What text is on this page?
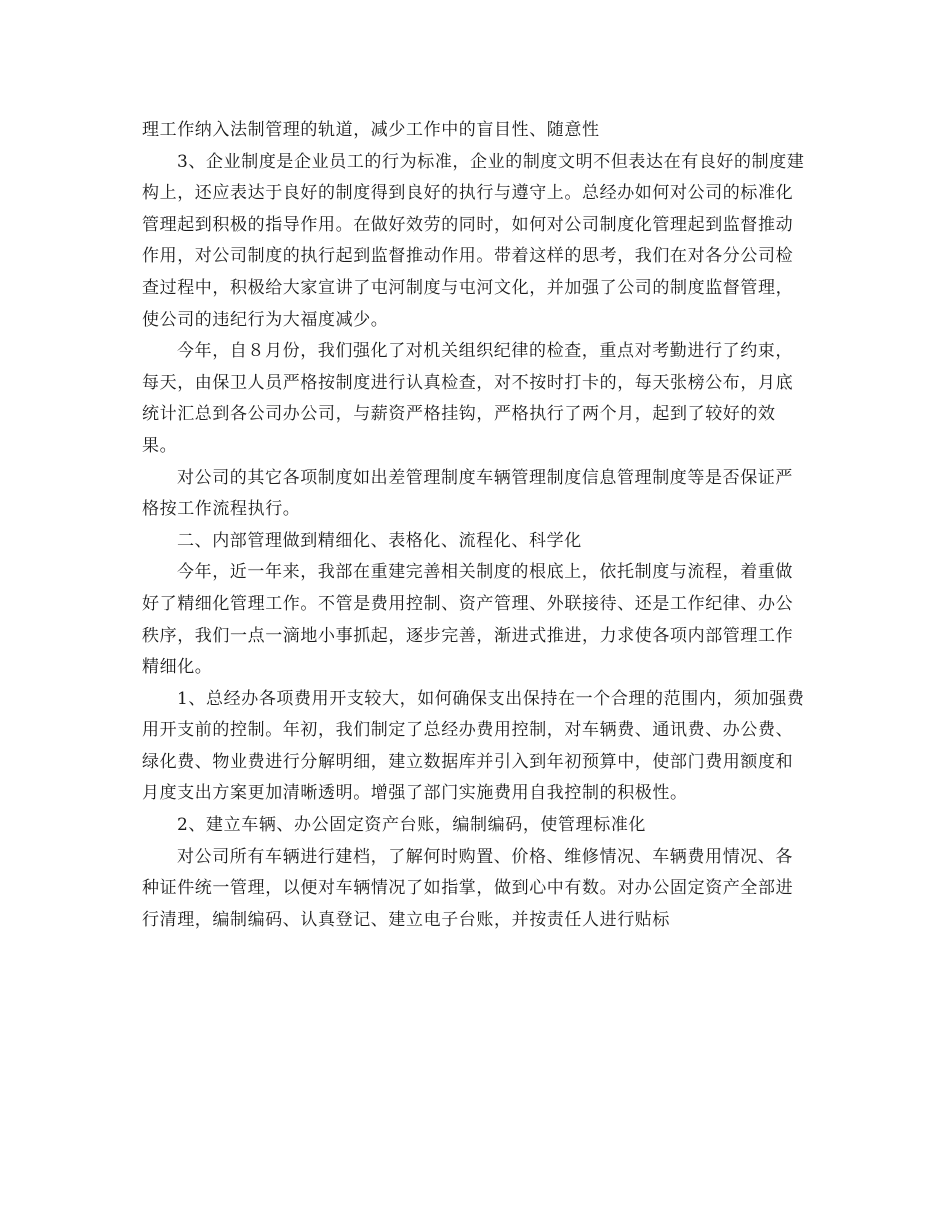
理工作纳入法制管理的轨道，减少工作中的盲目性、随意性

3、企业制度是企业员工的行为标准，企业的制度文明不但表达在有良好的制度建构上，还应表达于良好的制度得到良好的执行与遵守上。总经办如何对公司的标准化管理起到积极的指导作用。在做好效劳的同时，如何对公司制度化管理起到监督推动作用，对公司制度的执行起到监督推动作用。带着这样的思考，我们在对各分公司检查过程中，积极给大家宣讲了屯河制度与屯河文化，并加强了公司的制度监督管理，使公司的违纪行为大福度减少。

今年，自８月份，我们强化了对机关组织纪律的检查，重点对考勤进行了约束，每天，由保卫人员严格按制度进行认真检查，对不按时打卡的，每天张榜公布，月底统计汇总到各公司办公司，与薪资严格挂钩，严格执行了两个月，起到了较好的效果。

对公司的其它各项制度如出差管理制度车辆管理制度信息管理制度等是否保证严格按工作流程执行。

二、内部管理做到精细化、表格化、流程化、科学化

今年，近一年来，我部在重建完善相关制度的根底上，依托制度与流程，着重做好了精细化管理工作。不管是费用控制、资产管理、外联接待、还是工作纪律、办公秩序，我们一点一滴地小事抓起，逐步完善，渐进式推进，力求使各项内部管理工作精细化。

1、总经办各项费用开支较大，如何确保支出保持在一个合理的范围内，须加强费用开支前的控制。年初，我们制定了总经办费用控制，对车辆费、通讯费、办公费、绿化费、物业费进行分解明细，建立数据库并引入到年初预算中，使部门费用额度和月度支出方案更加清晰透明。增强了部门实施费用自我控制的积极性。

2、建立车辆、办公固定资产台账，编制编码，使管理标准化

对公司所有车辆进行建档，了解何时购置、价格、维修情况、车辆费用情况、各种证件统一管理，以便对车辆情况了如指掌，做到心中有数。对办公固定资产全部进行清理，编制编码、认真登记、建立电子台账，并按责任人进行贴标
